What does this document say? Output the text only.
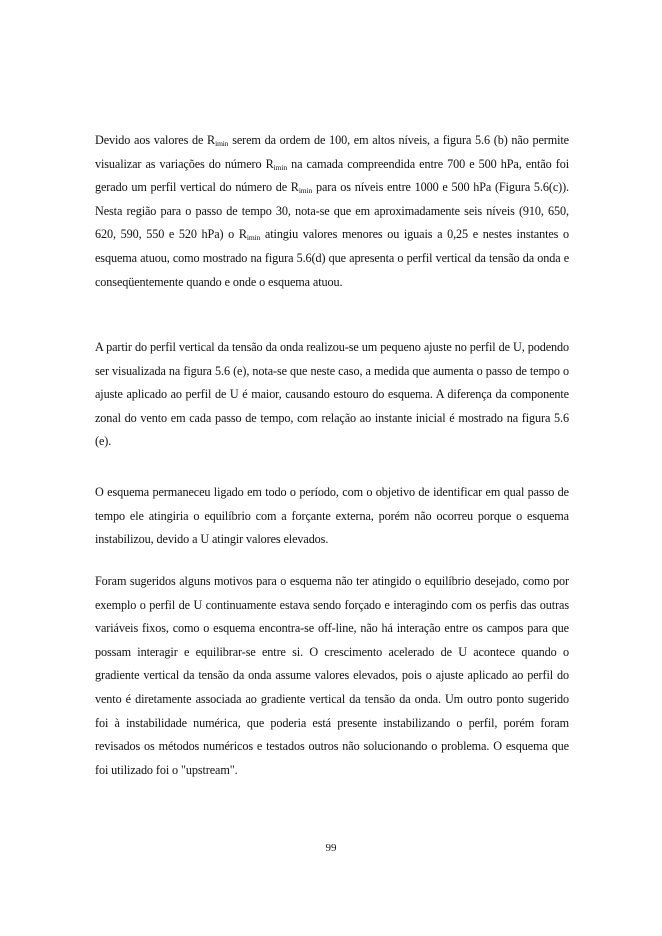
Devido aos valores de $R_{imin}$ serem da ordem de 100, em altos níveis, a figura 5.6 (b) não permite visualizar as variações do número $R_{imin}$ na camada compreendida entre 700 e 500 hPa, então foi gerado um perfil vertical do número de $R_{imin}$ para os níveis entre 1000 e 500 hPa (Figura 5.6(c)). Nesta região para o passo de tempo 30, nota-se que em aproximadamente seis níveis (910, 650, 620, 590, 550 e 520 hPa) o $R_{imin}$ atingiu valores menores ou iguais a 0,25 e nestes instantes o esquema atuou, como mostrado na figura 5.6(d) que apresenta o perfil vertical da tensão da onda e conseqüentemente quando e onde o esquema atuou.

A partir do perfil vertical da tensão da onda realizou-se um pequeno ajuste no perfil de U, podendo ser visualizada na figura 5.6 (e), nota-se que neste caso, a medida que aumenta o passo de tempo o ajuste aplicado ao perfil de U é maior, causando estouro do esquema. A diferença da componente zonal do vento em cada passo de tempo, com relação ao instante inicial é mostrado na figura 5.6 (e).

O esquema permaneceu ligado em todo o período, com o objetivo de identificar em qual passo de tempo ele atingiria o equilíbrio com a forçante externa, porém não ocorreu porque o esquema instabilizou, devido a U atingir valores elevados.

Foram sugeridos alguns motivos para o esquema não ter atingido o equilíbrio desejado, como por exemplo o perfil de U continuamente estava sendo forçado e interagindo com os perfis das outras variáveis fixos, como o esquema encontra-se off-line, não há interação entre os campos para que possam interagir e equilibrar-se entre si. O crescimento acelerado de U acontece quando o gradiente vertical da tensão da onda assume valores elevados, pois o ajuste aplicado ao perfil do vento é diretamente associada ao gradiente vertical da tensão da onda. Um outro ponto sugerido foi à instabilidade numérica, que poderia está presente instabilizando o perfil, porém foram revisados os métodos numéricos e testados outros não solucionando o problema. O esquema que foi utilizado foi o "upstream".

99
